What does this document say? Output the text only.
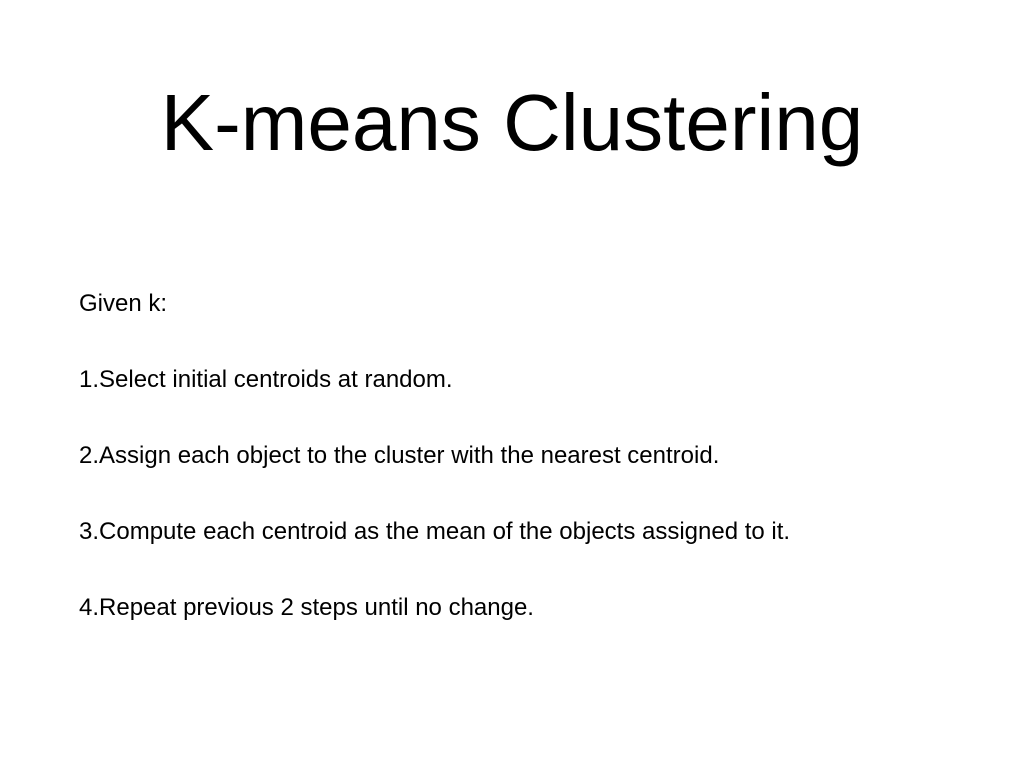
K-means Clustering
Given k:
1.Select initial centroids at random.
2.Assign each object to the cluster with the nearest centroid.
3.Compute each centroid as the mean of the objects assigned to it.
4.Repeat previous 2 steps until no change.
